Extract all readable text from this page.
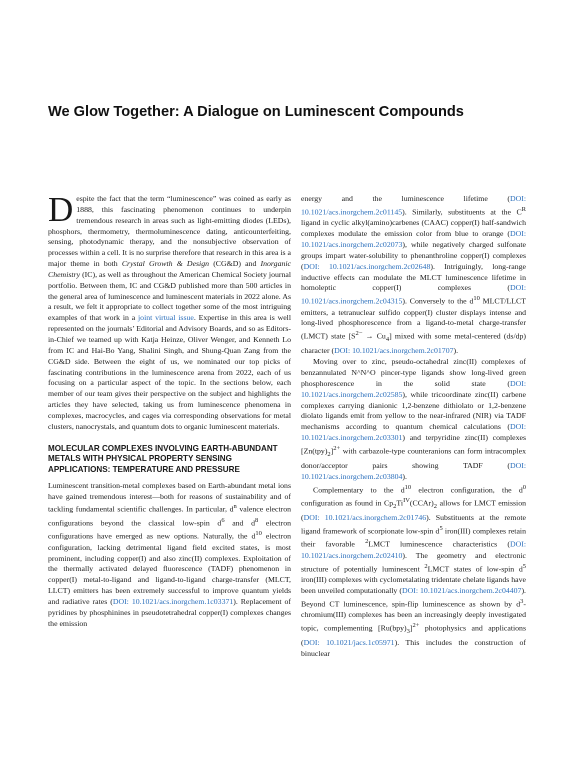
We Glow Together: A Dialogue on Luminescent Compounds

Despite the fact that the term “luminescence” was coined as early as 1888, this fascinating phenomenon continues to underpin tremendous research in areas such as light-emitting diodes (LEDs), phosphors, thermometry, thermoluminescence dating, anticounterfeiting, sensing, photodynamic therapy, and the nonsubjective observation of processes within a cell. It is no surprise therefore that research in this area is a major theme in both Crystal Growth & Design (CG&D) and Inorganic Chemistry (IC), as well as throughout the American Chemical Society journal portfolio. Between them, IC and CG&D published more than 500 articles in the general area of luminescence and luminescent materials in 2022 alone. As a result, we felt it appropriate to collect together some of the most intriguing examples of that work in a joint virtual issue. Expertise in this area is well represented on the journals’ Editorial and Advisory Boards, and so as Editors-in-Chief we teamed up with Katja Heinze, Oliver Wenger, and Kenneth Lo from IC and Hai-Bo Yang, Shalini Singh, and Shung-Quan Zang from the CG&D side. Between the eight of us, we nominated our top picks of fascinating contributions in the luminescence arena from 2022, each of us focusing on a particular aspect of the topic. In the sections below, each member of our team gives their perspective on the subject and highlights the articles they have selected, taking us from luminescence phenomena in complexes, macrocycles, and cages via corresponding observations for metal clusters, nanocrystals, and quantum dots to organic luminescent materials.

MOLECULAR COMPLEXES INVOLVING EARTH-ABUNDANT METALS WITH PHYSICAL PROPERTY SENSING APPLICATIONS: TEMPERATURE AND PRESSURE

Luminescent transition-metal complexes based on Earth-abundant metal ions have gained tremendous interest—both for reasons of sustainability and of tackling fundamental scientific challenges. In particular, $d^n$ valence electron configurations beyond the classical low-spin $d^6$ and $d^8$ electron configurations have emerged as new options. Naturally, the $d^{10}$ electron configuration, lacking detrimental ligand field excited states, is most prominent, including copper(I) and also zinc(II) complexes. Exploitation of the thermally activated delayed fluorescence (TADF) phenomenon in copper(I) metal-to-ligand and ligand-to-ligand charge-transfer (MLCT, LLCT) emitters has been extremely successful to improve quantum yields and radiative rates (DOI: 10.1021/acs.inorgchem.1c03371). Replacement of pyridines by phosphinines in pseudotetrahedral copper(I) complexes changes the emission

energy and the luminescence lifetime (DOI: 10.1021/acs.inorgchem.2c01145). Similarly, substituents at the $C^R$ ligand in cyclic alkyl(amino)carbenes (CAAC) copper(I) half-sandwich complexes modulate the emission color from blue to orange (DOI: 10.1021/acs.inorgchem.2c02073), while negatively charged sulfonate groups impart water-solubility to phenanthroline copper(I) complexes (DOI: 10.1021/acs.inorgchem.2c02648). Intriguingly, long-range inductive effects can modulate the MLCT luminescence lifetime in homoleptic copper(I) complexes (DOI: 10.1021/acs.inorgchem.2c04315). Conversely to the $d^{10}$ MLCT/LLCT emitters, a tetranuclear sulfido copper(I) cluster displays intense and long-lived phosphorescence from a ligand-to-metal charge-transfer (LMCT) state $[S^{2-} \to Cu_4]$ mixed with some metal-centered (ds/dp) character (DOI: 10.1021/acs.inorgchem.2c01707).

Moving over to zinc, pseudo-octahedral zinc(II) complexes of benzannulated N^N^O pincer-type ligands show long-lived green phosphorescence in the solid state (DOI: 10.1021/acs.inorgchem.2c02585), while tricoordinate zinc(II) carbene complexes carrying dianionic 1,2-benzene dithiolato or 1,2-benzene diolato ligands emit from yellow to the near-infrared (NIR) via TADF mechanisms according to quantum chemical calculations (DOI: 10.1021/acs.inorgchem.2c03301) and terpyridine zinc(II) complexes $[Zn(tpy)_2]^{2+}$ with carbazole-type counteranions can form intracomplex donor/acceptor pairs showing TADF (DOI: 10.1021/acs.inorgchem.2c03804).

Complementary to the $d^{10}$ electron configuration, the $d^0$ configuration as found in $Cp_2Ti^{IV}(CCAr)_2$ allows for LMCT emission (DOI: 10.1021/acs.inorgchem.2c01746). Substituents at the remote ligand framework of scorpionate low-spin $d^5$ iron(III) complexes retain their favorable $^2$LMCT luminescence characteristics (DOI: 10.1021/acs.inorgchem.2c02410). The geometry and electronic structure of potentially luminescent $^2$LMCT states of low-spin $d^5$ iron(III) complexes with cyclometalating tridentate chelate ligands have been unveiled computationally (DOI: 10.1021/acs.inorgchem.2c04407). Beyond CT luminescence, spin-flip luminescence as shown by $d^3-chromium(III)$ complexes has been an increasingly deeply investigated topic, complementing $[Ru(bpy)_3]^{2+}$ photophysics and applications (DOI: 10.1021/jacs.1c05971). This includes the construction of binuclear
